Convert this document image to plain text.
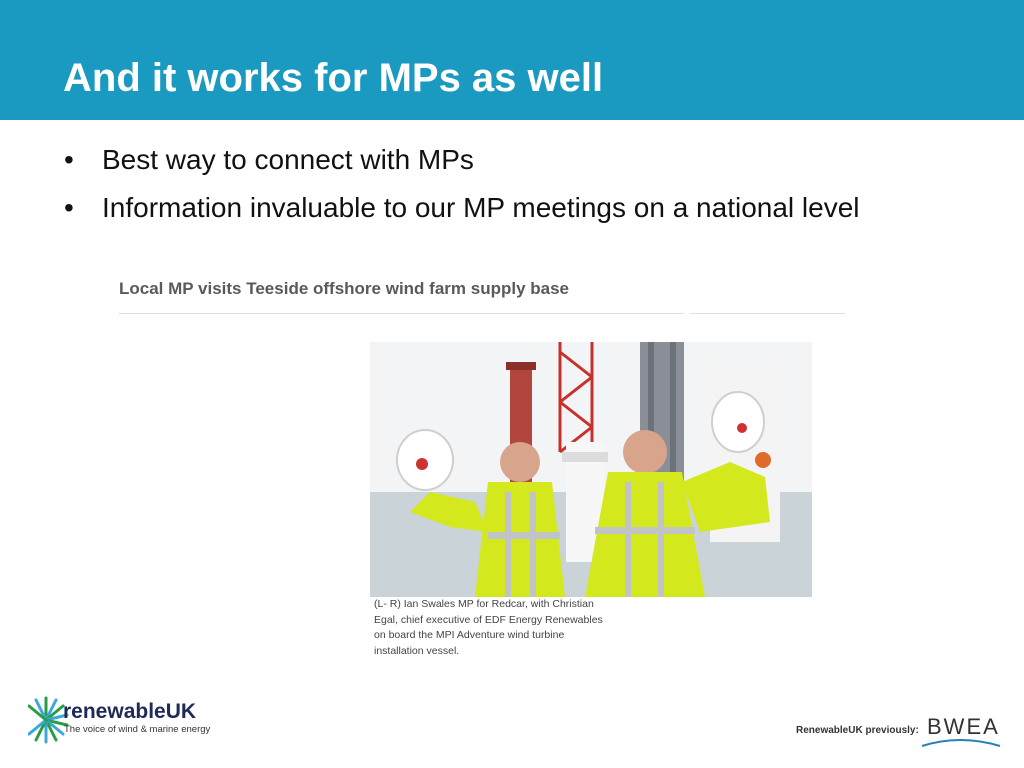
And it works for MPs as well
• Best way to connect with MPs
• Information invaluable to our MP meetings on a national level
Local MP visits Teeside offshore wind farm supply base
(L- R) Ian Swales MP for Redcar, with Christian
Egal, chief executive of EDF Energy Renewables
on board the MPI Adventure wind turbine
installation vessel.
renewableUK
The voice of wind & marine energy	RenewableUK previously: BWEA
